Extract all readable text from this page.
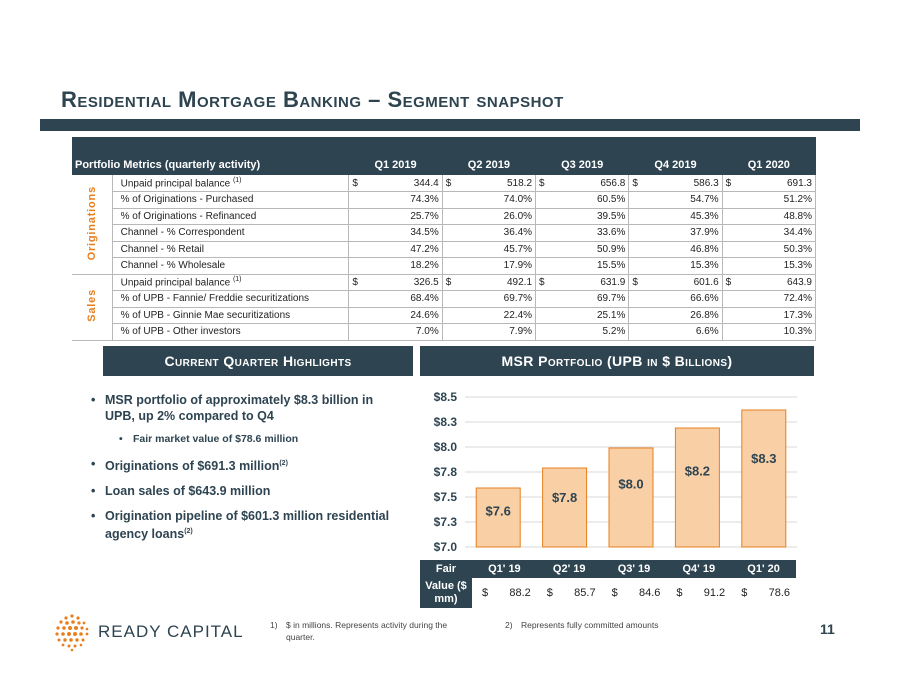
Residential Mortgage Banking – Segment snapshot
Portfolio Metrics (quarterly activity)		Q1 2019	Q2 2019	Q3 2019	Q4 2019	Q1 2020
Originations	Unpaid principal balance $^{(1)}$	$ 344.4	$ 518.2	$ 656.8	$ 586.3	$ 691.3
	% of Originations - Purchased	74.3%	74.0%	60.5%	54.7%	51.2%
	% of Originations - Refinanced	25.7%	26.0%	39.5%	45.3%	48.8%
	Channel - % Correspondent	34.5%	36.4%	33.6%	37.9%	34.4%
	Channel - % Retail	47.2%	45.7%	50.9%	46.8%	50.3%
	Channel - % Wholesale	18.2%	17.9%	15.5%	15.3%	15.3%
Sales	Unpaid principal balance $^{(1)}$	$ 326.5	$ 492.1	$ 631.9	$ 601.6	$ 643.9
	% of UPB - Fannie/ Freddie securitizations	68.4%	69.7%	69.7%	66.6%	72.4%
	% of UPB - Ginnie Mae securitizations	24.6%	22.4%	25.1%	26.8%	17.3%
	% of UPB - Other investors	7.0%	7.9%	5.2%	6.6%	10.3%
Current Quarter Highlights	MSR Portfolio (UPB in $ Billions)
• MSR portfolio of approximately $8.3 billion in UPB, up 2% compared to Q4
• Fair market value of $78.6 million
• Originations of $691.3 million$^{(2)}$
• Loan sales of $643.9 million
• Origination pipeline of $601.3 million residential agency loans$^{(2)}$
$7.0
$7.3
$7.5
$7.8
$8.0
$8.3
$8.5
$7.6
$7.8
$8.0
$8.2
$8.3
Fair	Q1' 19	Q2' 19	Q3' 19	Q4' 19	Q1' 20
Value ($ mm)	$ 88.2	$ 85.7	$ 84.6	$ 91.2	$ 78.6
READY CAPITAL	1) $ in millions. Represents activity during the quarter.
2) Represents fully committed amounts	11
